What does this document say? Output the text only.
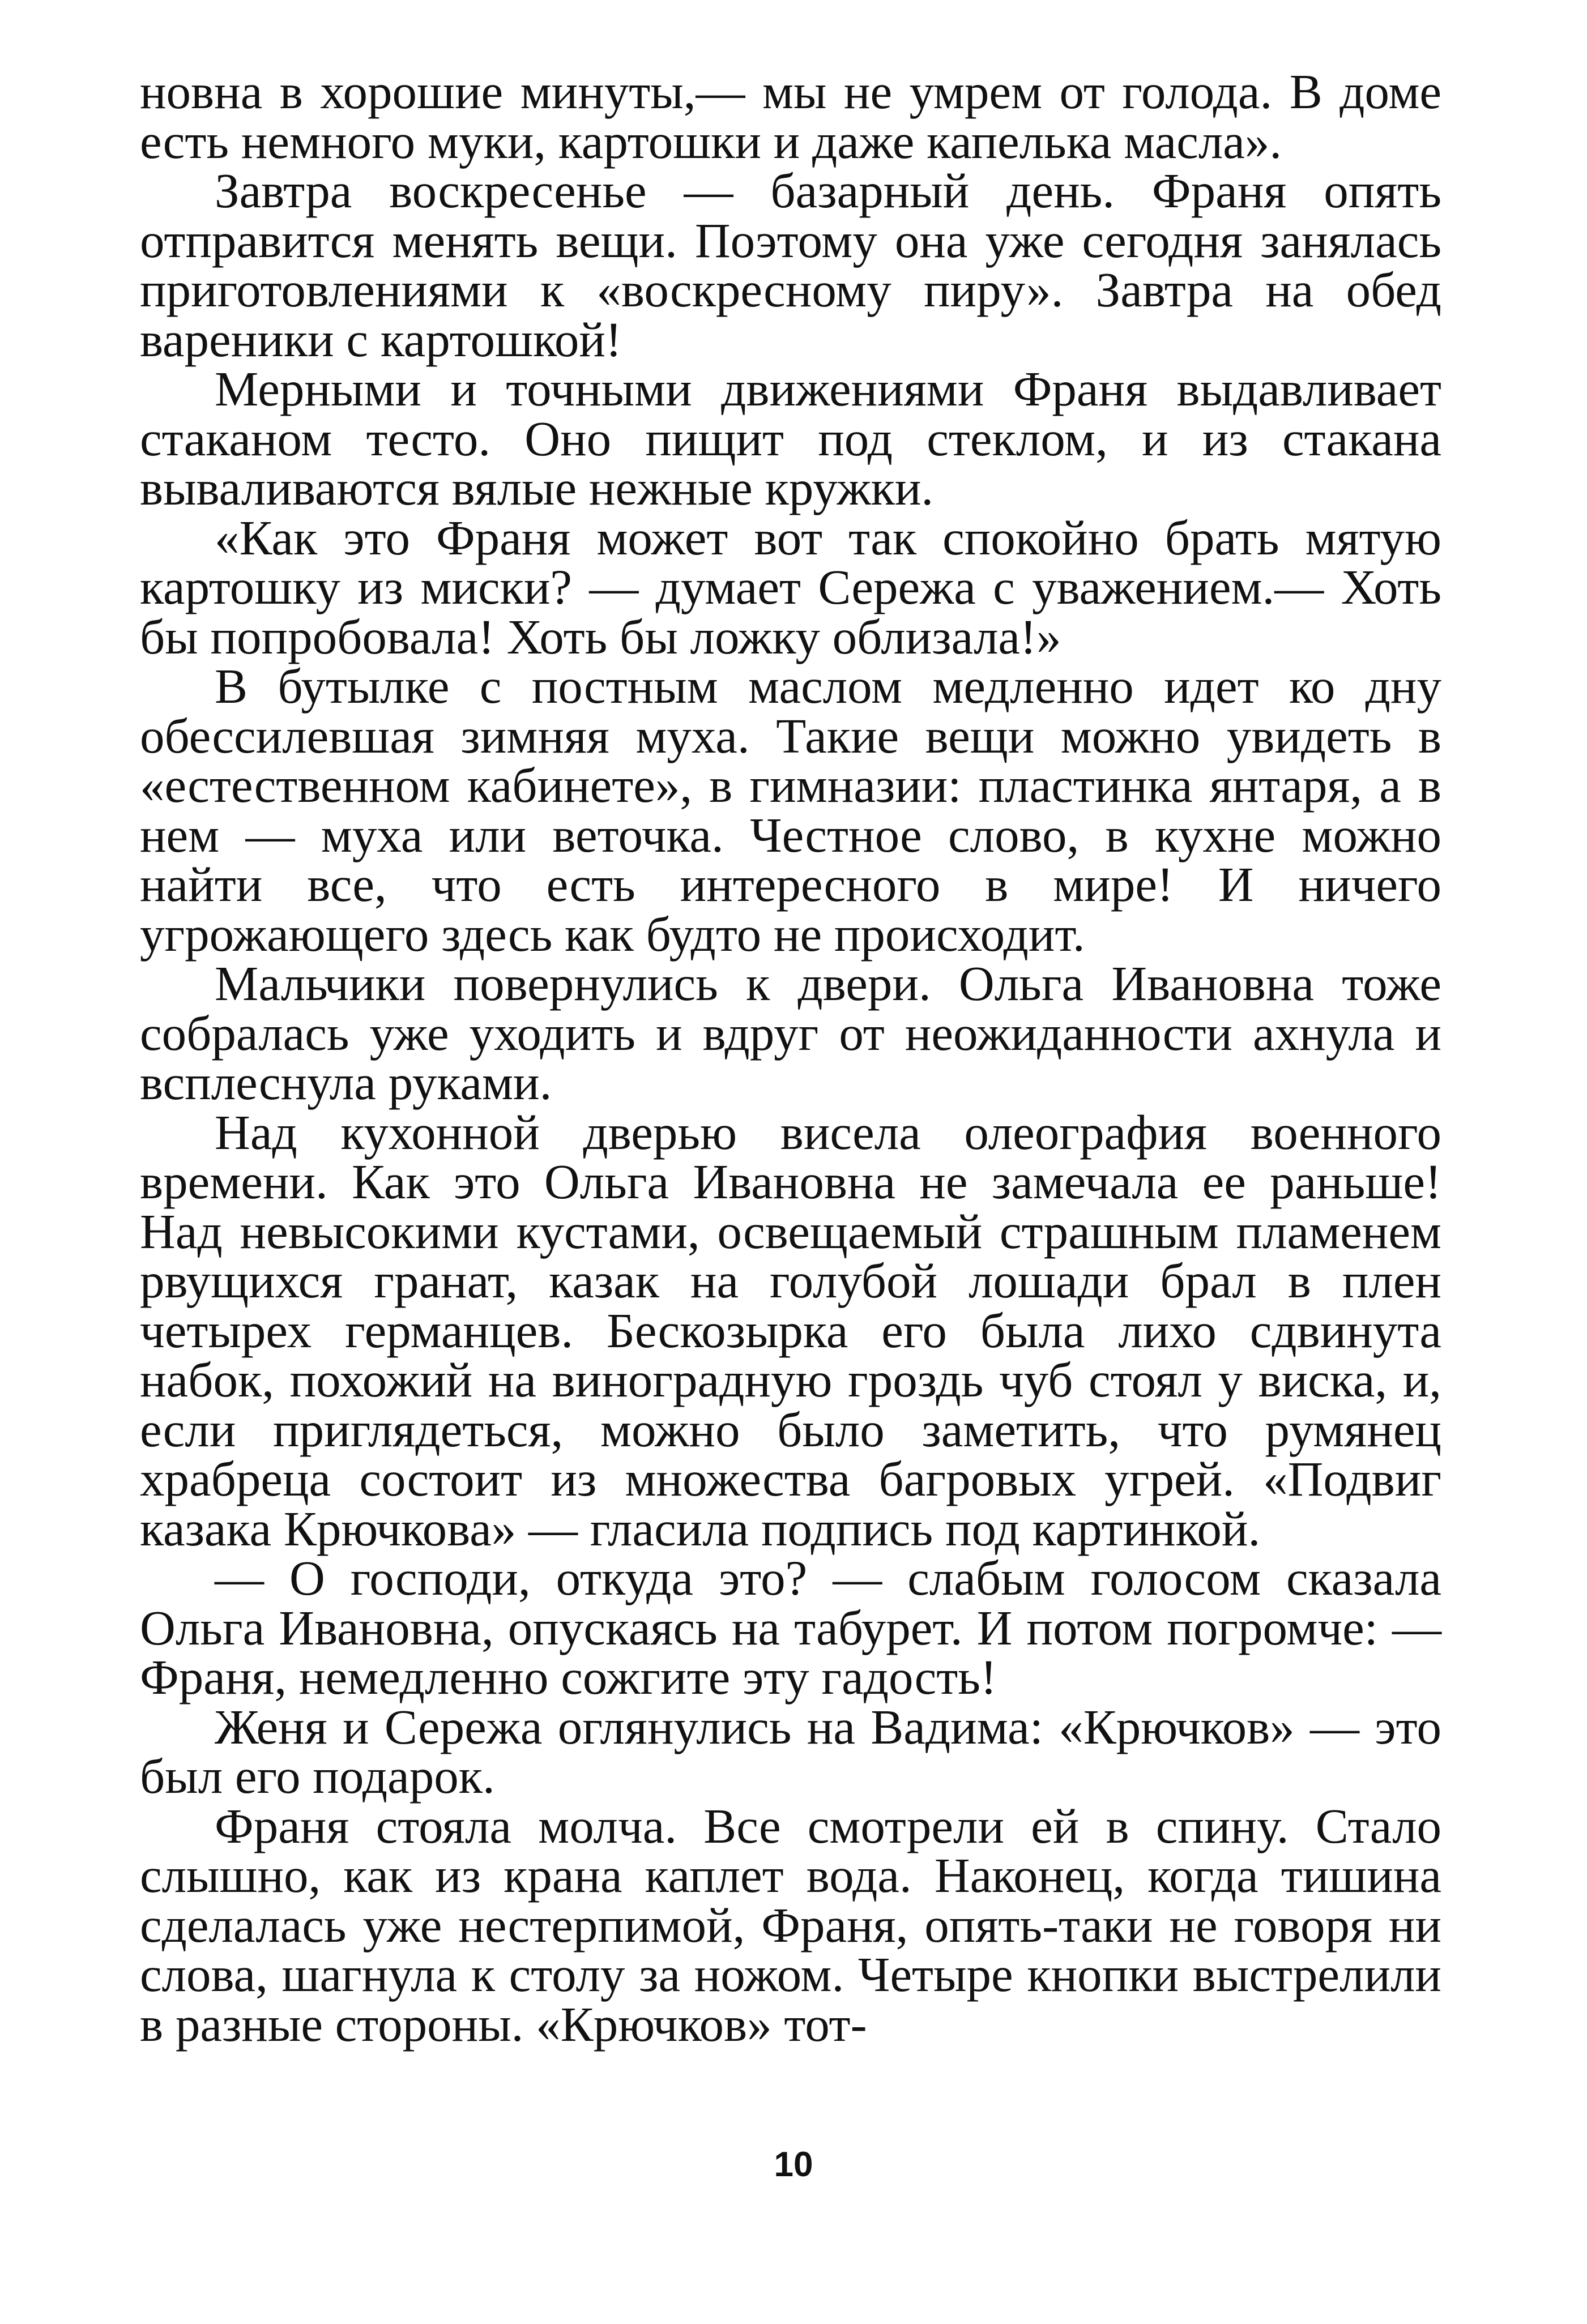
новна в хорошие минуты,— мы не умрем от голода. В доме есть немного муки, картошки и даже капелька масла».

Завтра воскресенье — базарный день. Франя опять отправится менять вещи. Поэтому она уже сегодня занялась приготовлениями к «воскресному пиру». Завтра на обед вареники с картошкой!

Мерными и точными движениями Франя выдавливает стаканом тесто. Оно пищит под стеклом, и из стакана вываливаются вялые нежные кружки.

«Как это Франя может вот так спокойно брать мятую картошку из миски? — думает Сережа с уважением.— Хоть бы попробовала! Хоть бы ложку облизала!»

В бутылке с постным маслом медленно идет ко дну обессилевшая зимняя муха. Такие вещи можно увидеть в «естественном кабинете», в гимназии: пластинка янтаря, а в нем — муха или веточка. Честное слово, в кухне можно найти все, что есть интересного в мире! И ничего угрожающего здесь как будто не происходит.

Мальчики повернулись к двери. Ольга Ивановна тоже собралась уже уходить и вдруг от неожиданности ахнула и всплеснула руками.

Над кухонной дверью висела олеография военного времени. Как это Ольга Ивановна не замечала ее раньше! Над невысокими кустами, освещаемый страшным пламенем рвущихся гранат, казак на голубой лошади брал в плен четырех германцев. Бескозырка его была лихо сдвинута набок, похожий на виноградную гроздь чуб стоял у виска, и, если приглядеться, можно было заметить, что румянец храбреца состоит из множества багровых угрей. «Подвиг казака Крючкова» — гласила подпись под картинкой.

— О господи, откуда это? — слабым голосом сказала Ольга Ивановна, опускаясь на табурет. И потом погромче: — Франя, немедленно сожгите эту гадость!

Женя и Сережа оглянулись на Вадима: «Крючков» — это был его подарок.

Франя стояла молча. Все смотрели ей в спину. Стало слышно, как из крана каплет вода. Наконец, когда тишина сделалась уже нестерпимой, Франя, опять-таки не говоря ни слова, шагнула к столу за ножом. Четыре кнопки выстрелили в разные стороны. «Крючков» тот-

10
